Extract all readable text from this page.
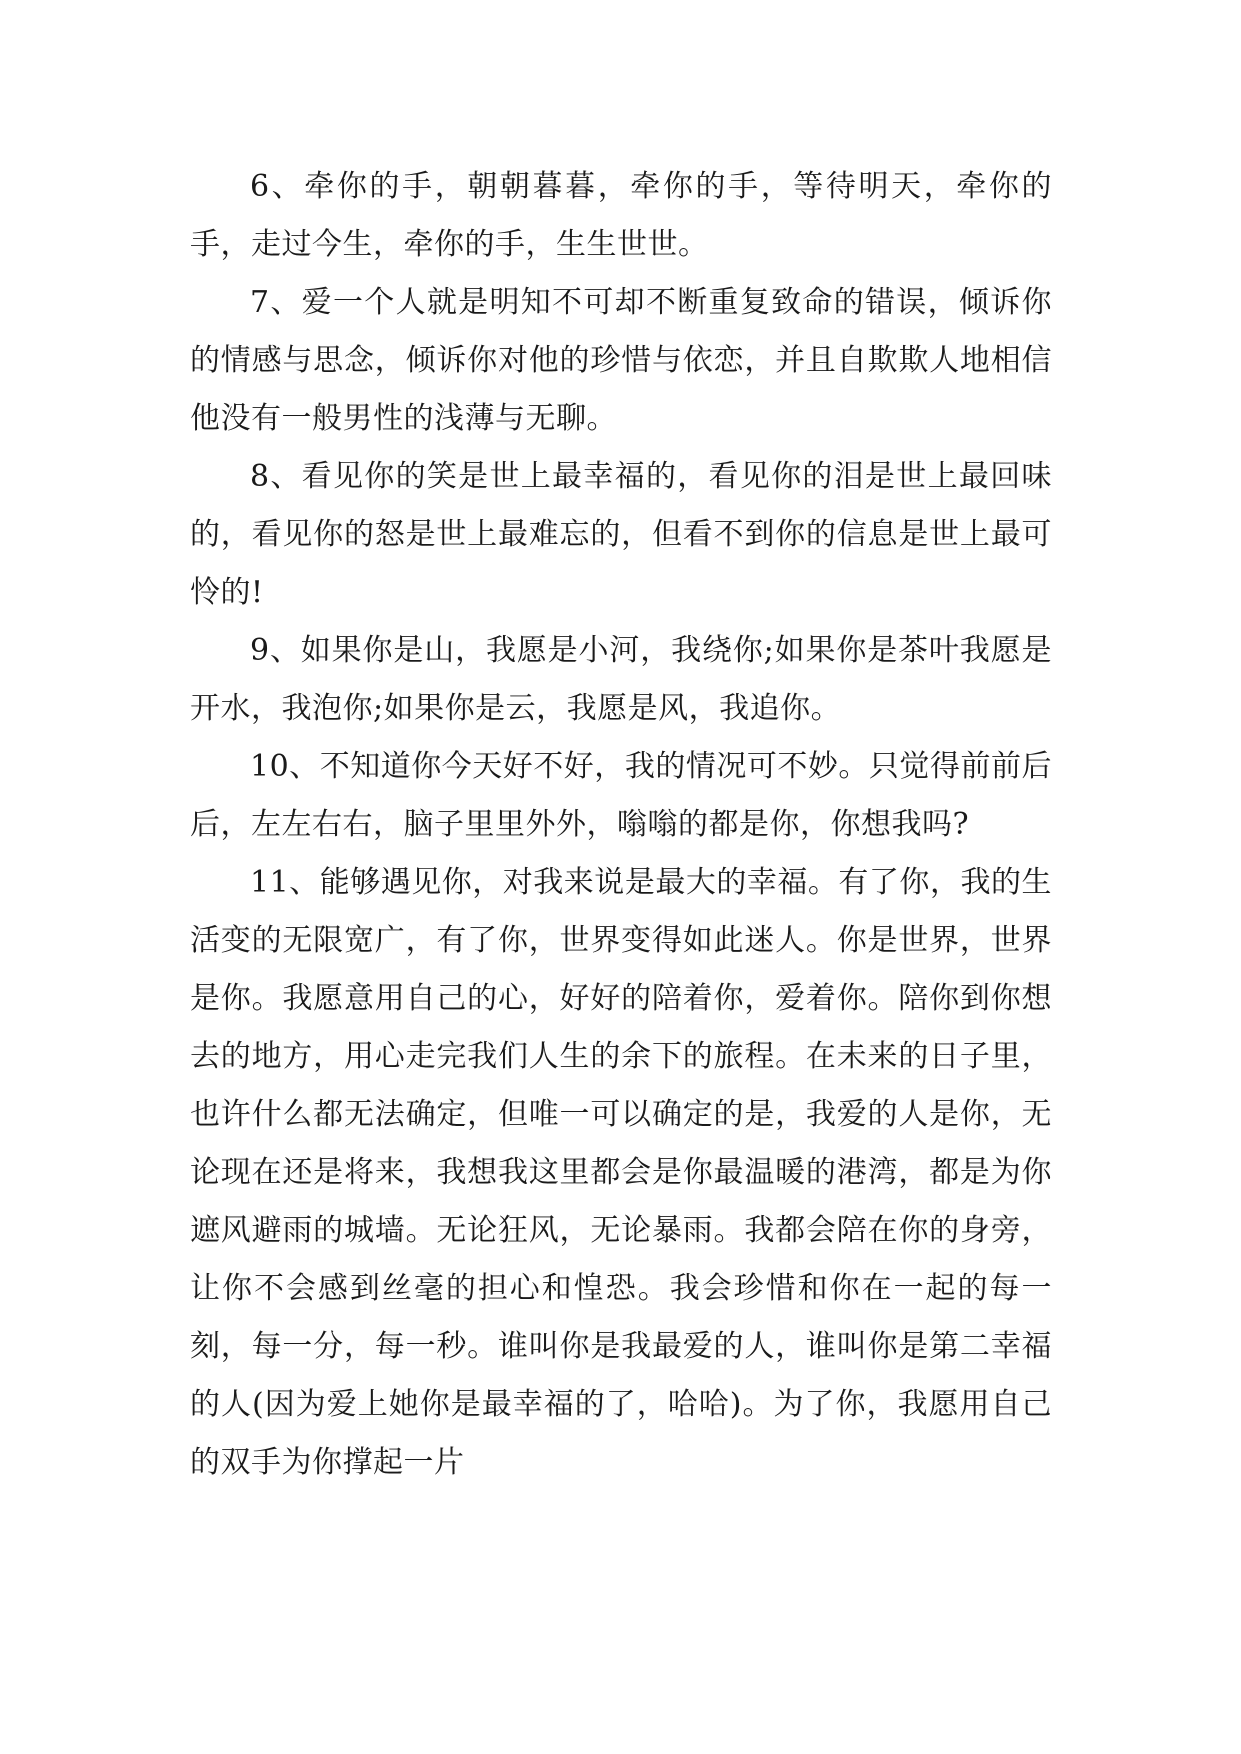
6、牵你的手，朝朝暮暮，牵你的手，等待明天，牵你的手，走过今生，牵你的手，生生世世。

7、爱一个人就是明知不可却不断重复致命的错误，倾诉你的情感与思念，倾诉你对他的珍惜与依恋，并且自欺欺人地相信他没有一般男性的浅薄与无聊。

8、看见你的笑是世上最幸福的，看见你的泪是世上最回味的，看见你的怒是世上最难忘的，但看不到你的信息是世上最可怜的!

9、如果你是山，我愿是小河，我绕你;如果你是茶叶我愿是开水，我泡你;如果你是云，我愿是风，我追你。

10、不知道你今天好不好，我的情况可不妙。只觉得前前后后，左左右右，脑子里里外外，嗡嗡的都是你，你想我吗?

11、能够遇见你，对我来说是最大的幸福。有了你，我的生活变的无限宽广，有了你，世界变得如此迷人。你是世界，世界是你。我愿意用自己的心，好好的陪着你，爱着你。陪你到你想去的地方，用心走完我们人生的余下的旅程。在未来的日子里，也许什么都无法确定，但唯一可以确定的是，我爱的人是你，无论现在还是将来，我想我这里都会是你最温暖的港湾，都是为你遮风避雨的城墙。无论狂风，无论暴雨。我都会陪在你的身旁，让你不会感到丝毫的担心和惶恐。我会珍惜和你在一起的每一刻，每一分，每一秒。谁叫你是我最爱的人，谁叫你是第二幸福的人(因为爱上她你是最幸福的了，哈哈)。为了你，我愿用自己的双手为你撑起一片
